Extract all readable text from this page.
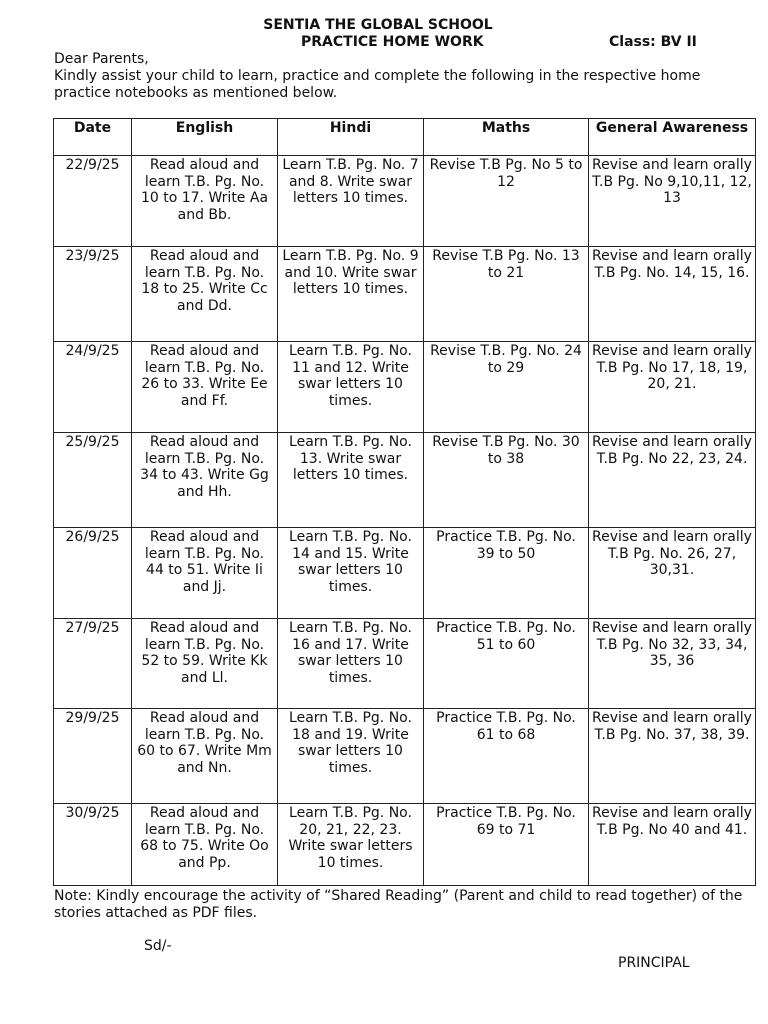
SENTIA THE GLOBAL SCHOOL
PRACTICE HOME WORK	Class: BV II
Dear Parents,
Kindly assist your child to learn, practice and complete the following in the respective home practice notebooks as mentioned below.
Date	English	Hindi	Maths	General Awareness
22/9/25	Read aloud and learn T.B. Pg. No. 10 to 17. Write Aa and Bb.	Learn T.B. Pg. No. 7 and 8. Write swar letters 10 times.	Revise T.B Pg. No 5 to 12	Revise and learn orally T.B Pg. No 9,10,11, 12, 13
23/9/25	Read aloud and learn T.B. Pg. No. 18 to 25. Write Cc and Dd.	Learn T.B. Pg. No. 9 and 10. Write swar letters 10 times.	Revise T.B Pg. No. 13 to 21	Revise and learn orally T.B Pg. No. 14, 15, 16.
24/9/25	Read aloud and learn T.B. Pg. No. 26 to 33. Write Ee and Ff.	Learn T.B. Pg. No. 11 and 12. Write swar letters 10 times.	Revise T.B. Pg. No. 24 to 29	Revise and learn orally T.B Pg. No 17, 18, 19, 20, 21.
25/9/25	Read aloud and learn T.B. Pg. No. 34 to 43. Write Gg and Hh.	Learn T.B. Pg. No. 13. Write swar letters 10 times.	Revise T.B Pg. No. 30 to 38	Revise and learn orally T.B Pg. No 22, 23, 24.
26/9/25	Read aloud and learn T.B. Pg. No. 44 to 51. Write Ii and Jj.	Learn T.B. Pg. No. 14 and 15. Write swar letters 10 times.	Practice T.B. Pg. No. 39 to 50	Revise and learn orally T.B Pg. No. 26, 27, 30,31.
27/9/25	Read aloud and learn T.B. Pg. No. 52 to 59. Write Kk and Ll.	Learn T.B. Pg. No. 16 and 17. Write swar letters 10 times.	Practice T.B. Pg. No. 51 to 60	Revise and learn orally T.B Pg. No 32, 33, 34, 35, 36
29/9/25	Read aloud and learn T.B. Pg. No. 60 to 67. Write Mm and Nn.	Learn T.B. Pg. No. 18 and 19. Write swar letters 10 times.	Practice T.B. Pg. No. 61 to 68	Revise and learn orally T.B Pg. No. 37, 38, 39.
30/9/25	Read aloud and learn T.B. Pg. No. 68 to 75. Write Oo and Pp.	Learn T.B. Pg. No. 20, 21, 22, 23. Write swar letters 10 times.	Practice T.B. Pg. No. 69 to 71	Revise and learn orally T.B Pg. No 40 and 41.
Note: Kindly encourage the activity of “Shared Reading” (Parent and child to read together) of the stories attached as PDF files.
Sd/-
PRINCIPAL
